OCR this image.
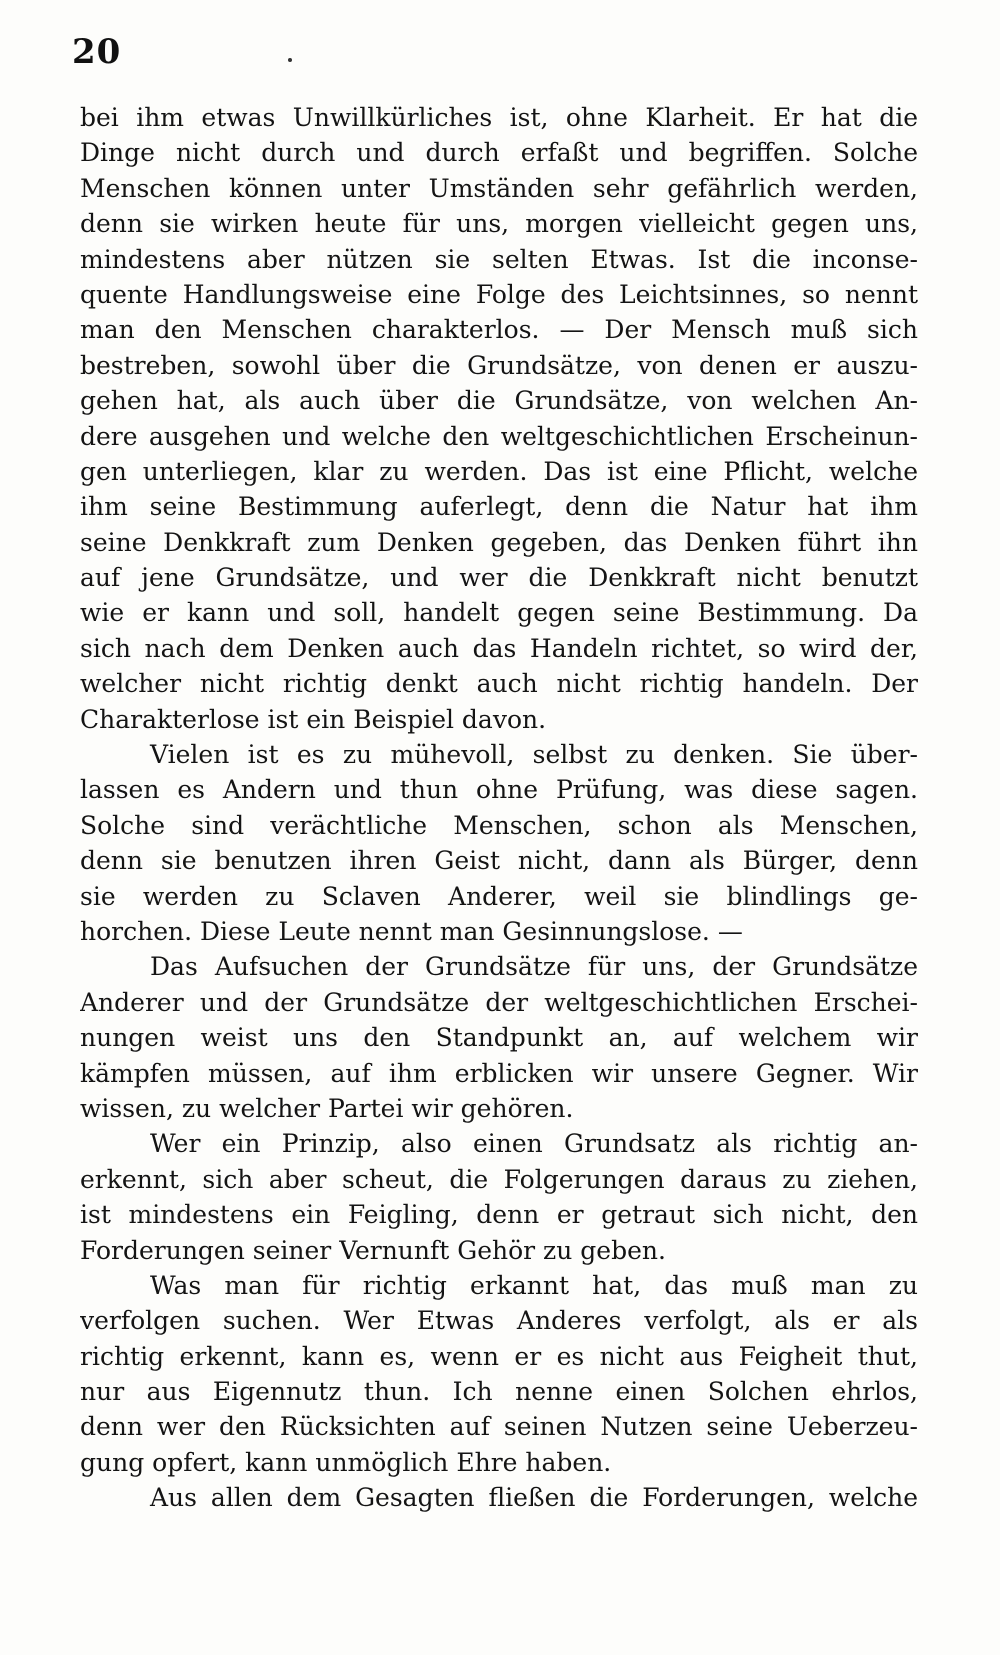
20
bei ihm etwas Unwillkürliches ist, ohne Klarheit. Er hat die
Dinge nicht durch und durch erfaßt und begriffen. Solche
Menschen können unter Umständen sehr gefährlich werden,
denn sie wirken heute für uns, morgen vielleicht gegen uns,
mindestens aber nützen sie selten Etwas. Ist die inconse-
quente Handlungsweise eine Folge des Leichtsinnes, so nennt
man den Menschen charakterlos. — Der Mensch muß sich
bestreben, sowohl über die Grundsätze, von denen er auszu-
gehen hat, als auch über die Grundsätze, von welchen An-
dere ausgehen und welche den weltgeschichtlichen Erscheinun-
gen unterliegen, klar zu werden. Das ist eine Pflicht, welche
ihm seine Bestimmung auferlegt, denn die Natur hat ihm
seine Denkkraft zum Denken gegeben, das Denken führt ihn
auf jene Grundsätze, und wer die Denkkraft nicht benutzt
wie er kann und soll, handelt gegen seine Bestimmung. Da
sich nach dem Denken auch das Handeln richtet, so wird der,
welcher nicht richtig denkt auch nicht richtig handeln. Der
Charakterlose ist ein Beispiel davon.
Vielen ist es zu mühevoll, selbst zu denken. Sie über-
lassen es Andern und thun ohne Prüfung, was diese sagen.
Solche sind verächtliche Menschen, schon als Menschen,
denn sie benutzen ihren Geist nicht, dann als Bürger, denn
sie werden zu Sclaven Anderer, weil sie blindlings ge-
horchen. Diese Leute nennt man Gesinnungslose. —
Das Aufsuchen der Grundsätze für uns, der Grundsätze
Anderer und der Grundsätze der weltgeschichtlichen Erschei-
nungen weist uns den Standpunkt an, auf welchem wir
kämpfen müssen, auf ihm erblicken wir unsere Gegner. Wir
wissen, zu welcher Partei wir gehören.
Wer ein Prinzip, also einen Grundsatz als richtig an-
erkennt, sich aber scheut, die Folgerungen daraus zu ziehen,
ist mindestens ein Feigling, denn er getraut sich nicht, den
Forderungen seiner Vernunft Gehör zu geben.
Was man für richtig erkannt hat, das muß man zu
verfolgen suchen. Wer Etwas Anderes verfolgt, als er als
richtig erkennt, kann es, wenn er es nicht aus Feigheit thut,
nur aus Eigennutz thun. Ich nenne einen Solchen ehrlos,
denn wer den Rücksichten auf seinen Nutzen seine Ueberzeu-
gung opfert, kann unmöglich Ehre haben.
Aus allen dem Gesagten fließen die Forderungen, welche
